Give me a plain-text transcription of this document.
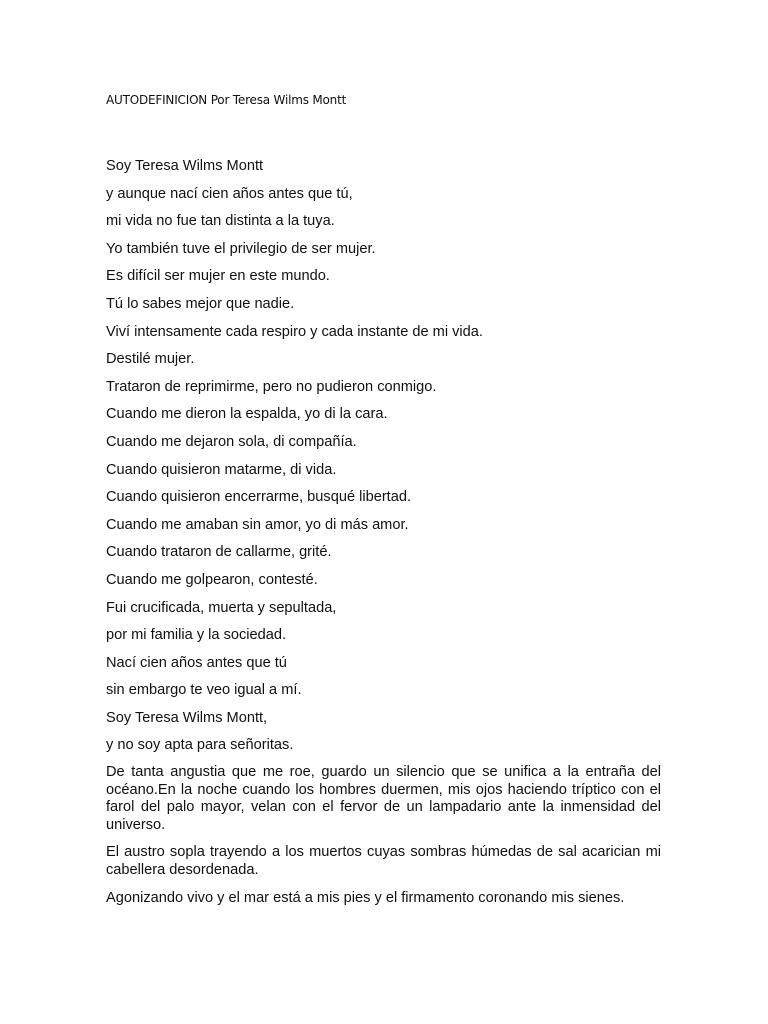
AUTODEFINICION Por Teresa Wilms Montt
Soy Teresa Wilms Montt
y aunque nací cien años antes que tú,
mi vida no fue tan distinta a la tuya.
Yo también tuve el privilegio de ser mujer.
Es difícil ser mujer en este mundo.
Tú lo sabes mejor que nadie.
Viví intensamente cada respiro y cada instante de mi vida.
Destilé mujer.
Trataron de reprimirme, pero no pudieron conmigo.
Cuando me dieron la espalda, yo di la cara.
Cuando me dejaron sola, di compañía.
Cuando quisieron matarme, di vida.
Cuando quisieron encerrarme, busqué libertad.
Cuando me amaban sin amor, yo di más amor.
Cuando trataron de callarme, grité.
Cuando me golpearon, contesté.
Fui crucificada, muerta y sepultada,
por mi familia y la sociedad.
Nací cien años antes que tú
sin embargo te veo igual a mí.
Soy Teresa Wilms Montt,
y no soy apta para señoritas.

De tanta angustia que me roe, guardo un silencio que se unifica a la entraña del océano.En la noche cuando los hombres duermen, mis ojos haciendo tríptico con el farol del palo mayor, velan con el fervor de un lampadario ante la inmensidad del universo.

El austro sopla trayendo a los muertos cuyas sombras húmedas de sal acarician mi cabellera desordenada.

Agonizando vivo y el mar está a mis pies y el firmamento coronando mis sienes.
